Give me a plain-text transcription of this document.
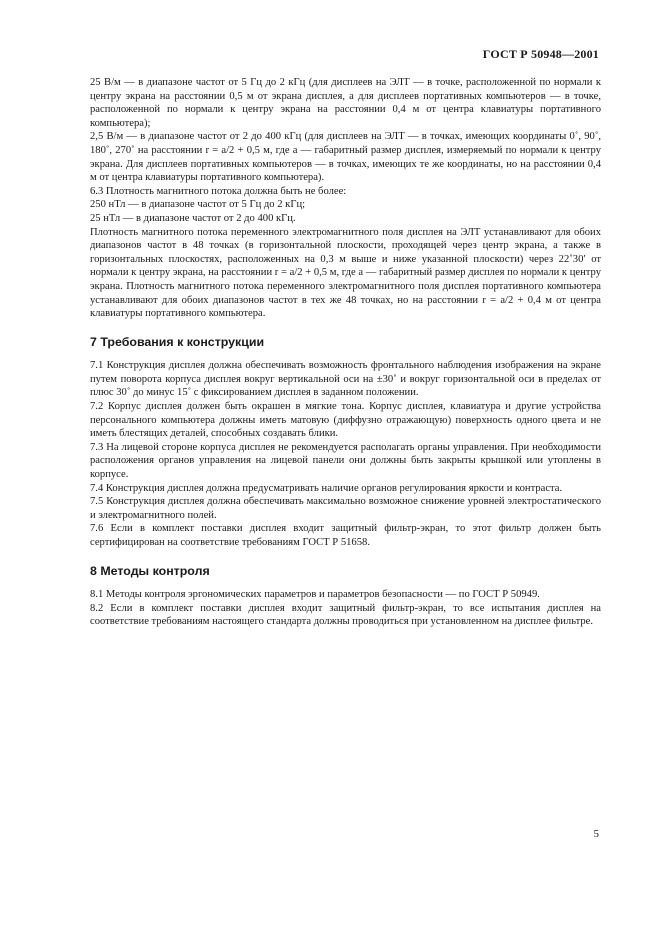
ГОСТ Р 50948—2001

25 В/м — в диапазоне частот от 5 Гц до 2 кГц (для дисплеев на ЭЛТ — в точке, расположенной по нормали к центру экрана на расстоянии 0,5 м от экрана дисплея, а для дисплеев портативных компьютеров — в точке, расположенной по нормали к центру экрана на расстоянии 0,4 м от центра клавиатуры портативного компьютера);

2,5 В/м — в диапазоне частот от 2 до 400 кГц (для дисплеев на ЭЛТ — в точках, имеющих координаты 0˚, 90˚, 180˚, 270˚ на расстоянии r = a/2 + 0,5 м, где a — габаритный размер дисплея, измеряемый по нормали к центру экрана. Для дисплеев портативных компьютеров — в точках, имеющих те же координаты, но на расстоянии 0,4 м от центра клавиатуры портативного компьютера).

6.3 Плотность магнитного потока должна быть не более:

250 нТл — в диапазоне частот от 5 Гц до 2 кГц;

25 нТл — в диапазоне частот от 2 до 400 кГц.

Плотность магнитного потока переменного электромагнитного поля дисплея на ЭЛТ устанавливают для обоих диапазонов частот в 48 точках (в горизонтальной плоскости, проходящей через центр экрана, а также в горизонтальных плоскостях, расположенных на 0,3 м выше и ниже указанной плоскости) через 22˚30′ от нормали к центру экрана, на расстоянии r = a/2 + 0,5 м, где a — габаритный размер дисплея по нормали к центру экрана. Плотность магнитного потока переменного электромагнитного поля дисплея портативного компьютера устанавливают для обоих диапазонов частот в тех же 48 точках, но на расстоянии r = a/2 + 0,4 м от центра клавиатуры портативного компьютера.

7 Требования к конструкции

7.1 Конструкция дисплея должна обеспечивать возможность фронтального наблюдения изображения на экране путем поворота корпуса дисплея вокруг вертикальной оси на ±30˚ и вокруг горизонтальной оси в пределах от плюс 30˚ до минус 15˚ с фиксированием дисплея в заданном положении.

7.2 Корпус дисплея должен быть окрашен в мягкие тона. Корпус дисплея, клавиатура и другие устройства персонального компьютера должны иметь матовую (диффузно отражающую) поверхность одного цвета и не иметь блестящих деталей, способных создавать блики.

7.3 На лицевой стороне корпуса дисплея не рекомендуется располагать органы управления. При необходимости расположения органов управления на лицевой панели они должны быть закрыты крышкой или утоплены в корпусе.

7.4 Конструкция дисплея должна предусматривать наличие органов регулирования яркости и контраста.

7.5 Конструкция дисплея должна обеспечивать максимально возможное снижение уровней электростатического и электромагнитного полей.

7.6 Если в комплект поставки дисплея входит защитный фильтр-экран, то этот фильтр должен быть сертифицирован на соответствие требованиям ГОСТ Р 51658.

8 Методы контроля

8.1 Методы контроля эргономических параметров и параметров безопасности — по ГОСТ Р 50949.

8.2 Если в комплект поставки дисплея входит защитный фильтр-экран, то все испытания дисплея на соответствие требованиям настоящего стандарта должны проводиться при установленном на дисплее фильтре.

5
